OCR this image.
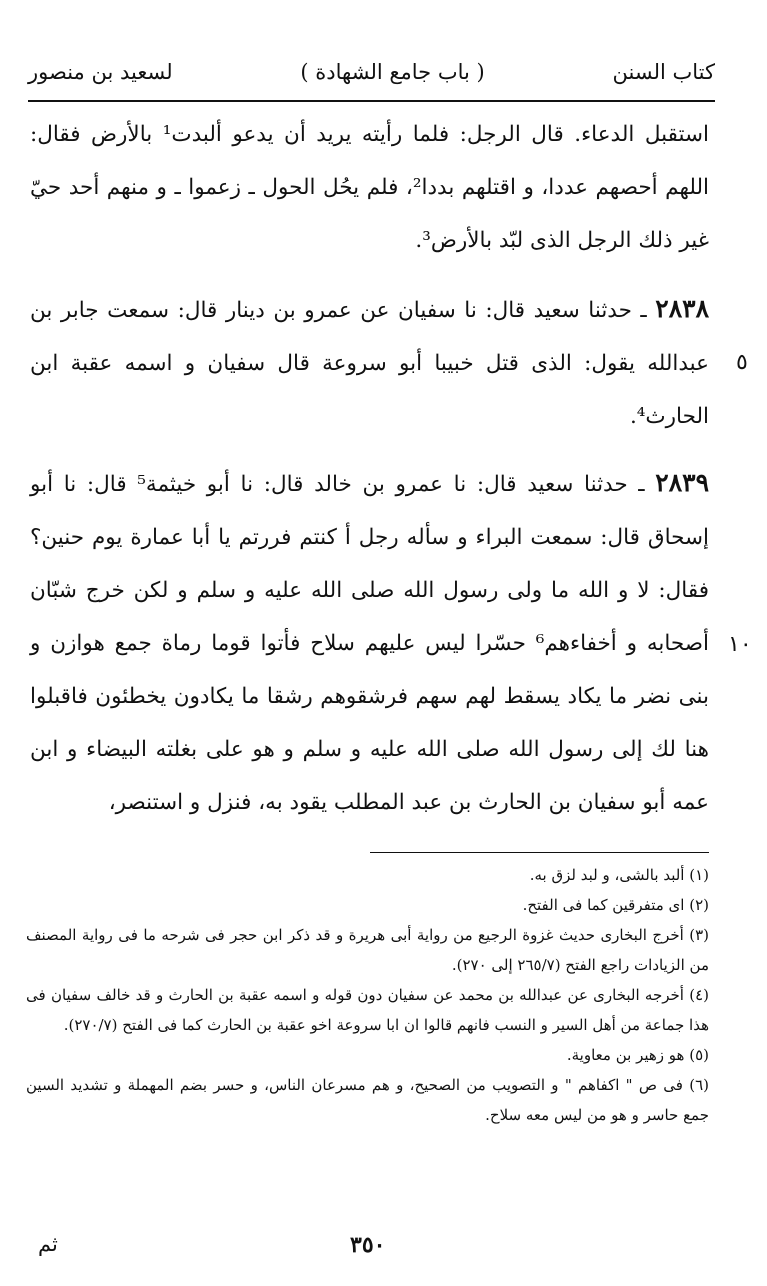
كتاب السنن
( باب جامع الشهادة )
لسعيد بن منصور

استقبل الدعاء. قال الرجل: فلما رأيته يريد أن يدعو ألبدت¹ بالأرض فقال: اللهم أحصهم عددا، و اقتلهم بددا²، فلم يحُل الحول ـ زعموا ـ و منهم أحد حيّ غير ذلك الرجل الذى لبّد بالأرض³.

٢٨٣٨ ـ حدثنا سعيد قال: نا سفيان عن عمرو بن دينار قال: سمعت جابر بن عبدالله يقول: الذى قتل خبيبا أبو سروعة قال سفيان و اسمه عقبة ابن الحارث⁴.

٢٨٣٩ ـ حدثنا سعيد قال: نا عمرو بن خالد قال: نا أبو خيثمة⁵ قال: نا أبو إسحاق قال: سمعت البراء و سأله رجل أ كنتم فررتم يا أبا عمارة يوم حنين؟ فقال: لا و الله ما ولى رسول الله صلى الله عليه و سلم و لكن خرج شبّان أصحابه و أخفاءهم⁶ حسّرا ليس عليهم سلاح فأتوا قوما رماة جمع هوازن و بنى نضر ما يكاد يسقط لهم سهم فرشقوهم رشقا ما يكادون يخطئون فاقبلوا هنا لك إلى رسول الله صلى الله عليه و سلم و هو على بغلته البيضاء و ابن عمه أبو سفيان بن الحارث بن عبد المطلب يقود به، فنزل و استنصر،

٥
١٠

(١) ألبد بالشى، و لبد لزق به.

(٢) اى متفرقين كما فى الفتح.

(٣) أخرج البخارى حديث غزوة الرجيع من رواية أبى هريرة و قد ذكر ابن حجر فى شرحه ما فى رواية المصنف من الزيادات راجع الفتح (٢٦٥/٧ إلى ٢٧٠).

(٤) أخرجه البخارى عن عبدالله بن محمد عن سفيان دون قوله و اسمه عقبة بن الحارث و قد خالف سفيان فى هذا جماعة من أهل السير و النسب فانهم قالوا ان ابا سروعة اخو عقبة بن الحارث كما فى الفتح (٢٧٠/٧).

(٥) هو زهير بن معاوية.

(٦) فى ص " اكفاهم " و التصويب من الصحيح، و هم مسرعان الناس، و حسر بضم المهملة و تشديد السين جمع حاسر و هو من ليس معه سلاح.

ثم	٣٥٠
